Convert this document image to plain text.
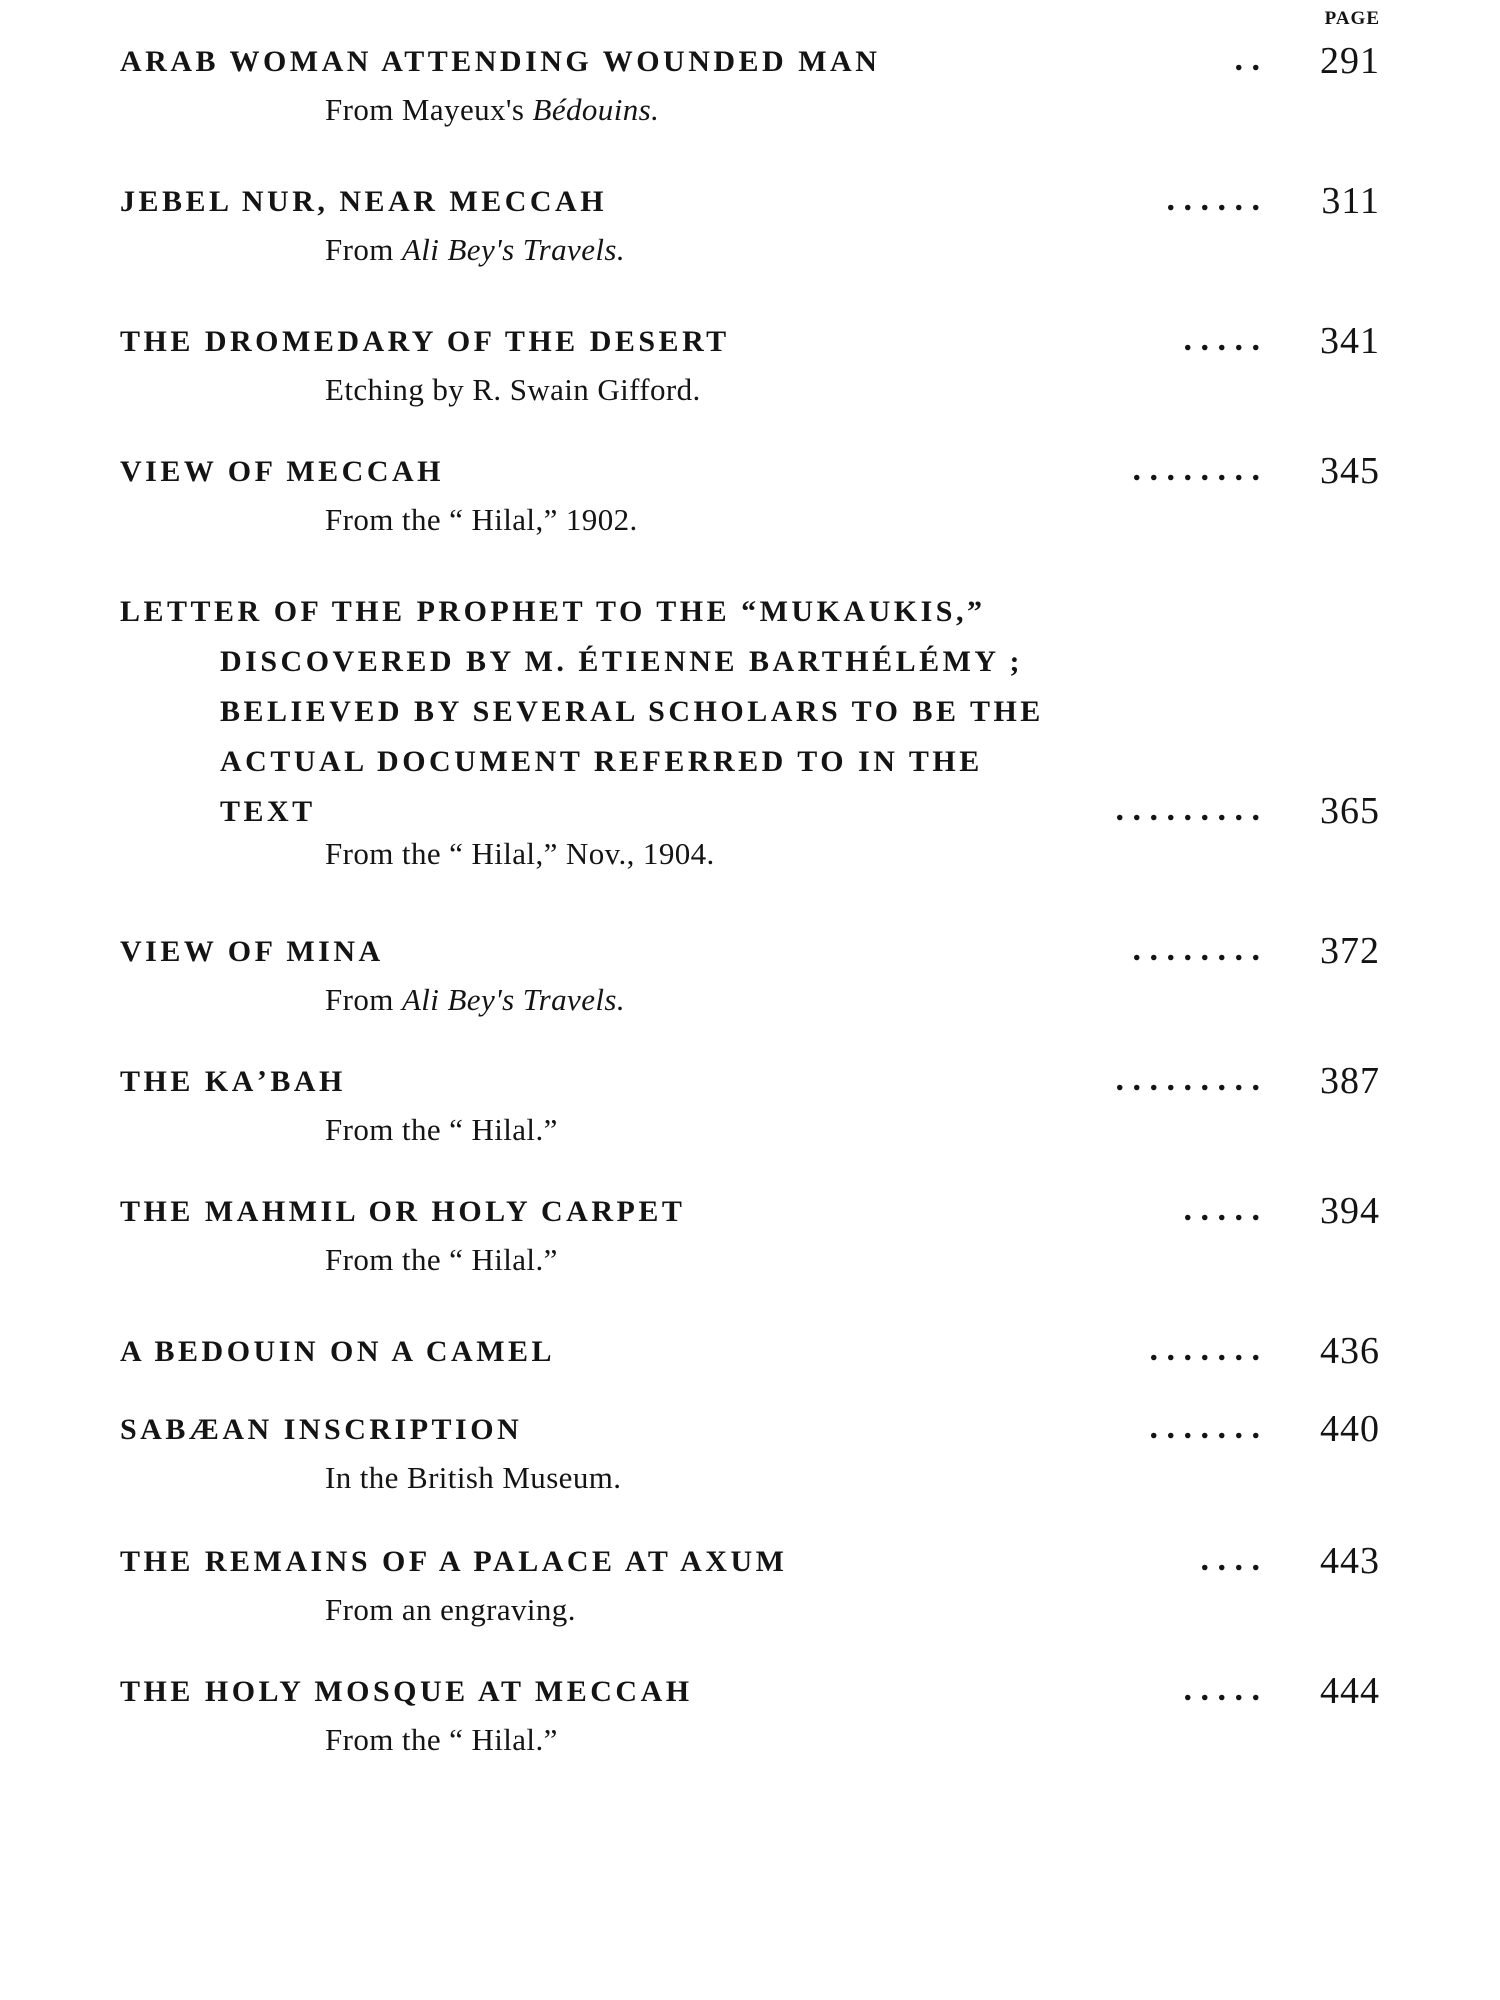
PAGE
ARAB WOMAN ATTENDING WOUNDED MAN	. . 291
From Mayeux's Bédouins.
JEBEL NUR, NEAR MECCAH	. . . . . . 311
From Ali Bey's Travels.
THE DROMEDARY OF THE DESERT	. . . . . 341
Etching by R. Swain Gifford.
VIEW OF MECCAH	. . . . . . . . 345
From the “ Hilal,” 1902.
LETTER OF THE PROPHET TO THE “MUKAUKIS,”
DISCOVERED BY M. ÉTIENNE BARTHÉLÉMY ;
BELIEVED BY SEVERAL SCHOLARS TO BE THE
ACTUAL DOCUMENT REFERRED TO IN THE
TEXT	. . . . . . . . . 365
From the “ Hilal,” Nov., 1904.
VIEW OF MINA	. . . . . . . . 372
From Ali Bey's Travels.
THE KAʼBAH	. . . . . . . . . 387
From the “ Hilal.”
THE MAHMIL OR HOLY CARPET	. . . . . 394
From the “ Hilal.”
A BEDOUIN ON A CAMEL	. . . . . . . 436
SABÆAN INSCRIPTION	. . . . . . . 440
In the British Museum.
THE REMAINS OF A PALACE AT AXUM	. . . . 443
From an engraving.
THE HOLY MOSQUE AT MECCAH	. . . . . 444
From the “ Hilal.”
